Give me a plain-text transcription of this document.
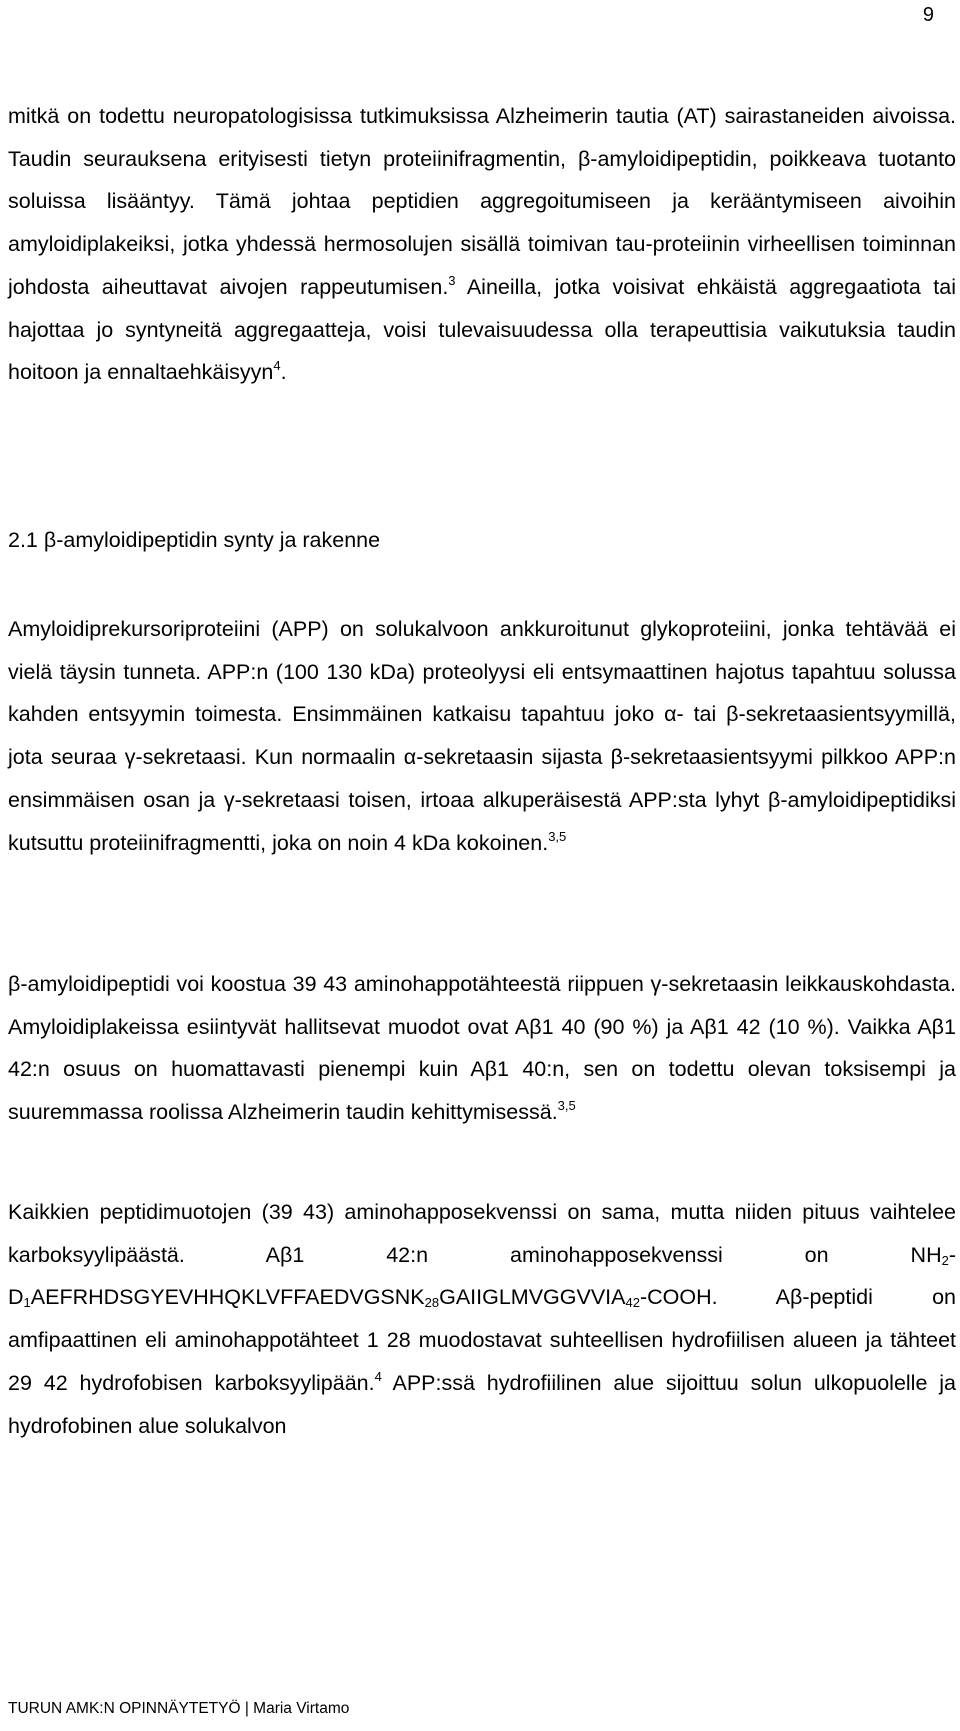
9

mitkä on todettu neuropatologisissa tutkimuksissa Alzheimerin tautia (AT) sairastaneiden aivoissa. Taudin seurauksena erityisesti tietyn proteiinifragmentin, β-amyloidipeptidin, poikkeava tuotanto soluissa lisääntyy. Tämä johtaa peptidien aggregoitumiseen ja kerääntymiseen aivoihin amyloidiplakeiksi, jotka yhdessä hermosolujen sisällä toimivan tau-proteiinin virheellisen toiminnan johdosta aiheuttavat aivojen rappeutumisen.$^3$ Aineilla, jotka voisivat ehkäistä aggregaatiota tai hajottaa jo syntyneitä aggregaatteja, voisi tulevaisuudessa olla terapeuttisia vaikutuksia taudin hoitoon ja ennaltaehkäisyyn$^4$.

2.1 β-amyloidipeptidin synty ja rakenne

Amyloidiprekursoriproteiini (APP) on solukalvoon ankkuroitunut glykoproteiini, jonka tehtävää ei vielä täysin tunneta. APP:n (100 130 kDa) proteolyysi eli entsymaattinen hajotus tapahtuu solussa kahden entsyymin toimesta. Ensimmäinen katkaisu tapahtuu joko α- tai β-sekretaasientsyymillä, jota seuraa γ-sekretaasi. Kun normaalin α-sekretaasin sijasta β-sekretaasientsyymi pilkkoo APP:n ensimmäisen osan ja γ-sekretaasi toisen, irtoaa alkuperäisestä APP:sta lyhyt β-amyloidipeptidiksi kutsuttu proteiinifragmentti, joka on noin 4 kDa kokoinen.$^{3,5}$

β-amyloidipeptidi voi koostua 39 43 aminohappotähteestä riippuen γ-sekretaasin leikkauskohdasta. Amyloidiplakeissa esiintyvät hallitsevat muodot ovat Aβ1 40 (90 %) ja Aβ1 42 (10 %). Vaikka Aβ1 42:n osuus on huomattavasti pienempi kuin Aβ1 40:n, sen on todettu olevan toksisempi ja suuremmassa roolissa Alzheimerin taudin kehittymisessä.$^{3,5}$

Kaikkien peptidimuotojen (39 43) aminohapposekvenssi on sama, mutta niiden pituus vaihtelee karboksyylipäästä. Aβ1 42:n aminohapposekvenssi on $NH_2-D_1AEFRHDSGYEVHHQKLVFFAEDVGSNK_{28}GAIIGLMVGGVVIA_{42}$-COOH. Aβ-peptidi on amfipaattinen eli aminohappotähteet 1 28 muodostavat suhteellisen hydrofiilisen alueen ja tähteet 29 42 hydrofobisen karboksyylipään.$^4$ APP:ssä hydrofiilinen alue sijoittuu solun ulkopuolelle ja hydrofobinen alue solukalvon

TURUN AMK:N OPINNÄYTETYÖ | Maria Virtamo
